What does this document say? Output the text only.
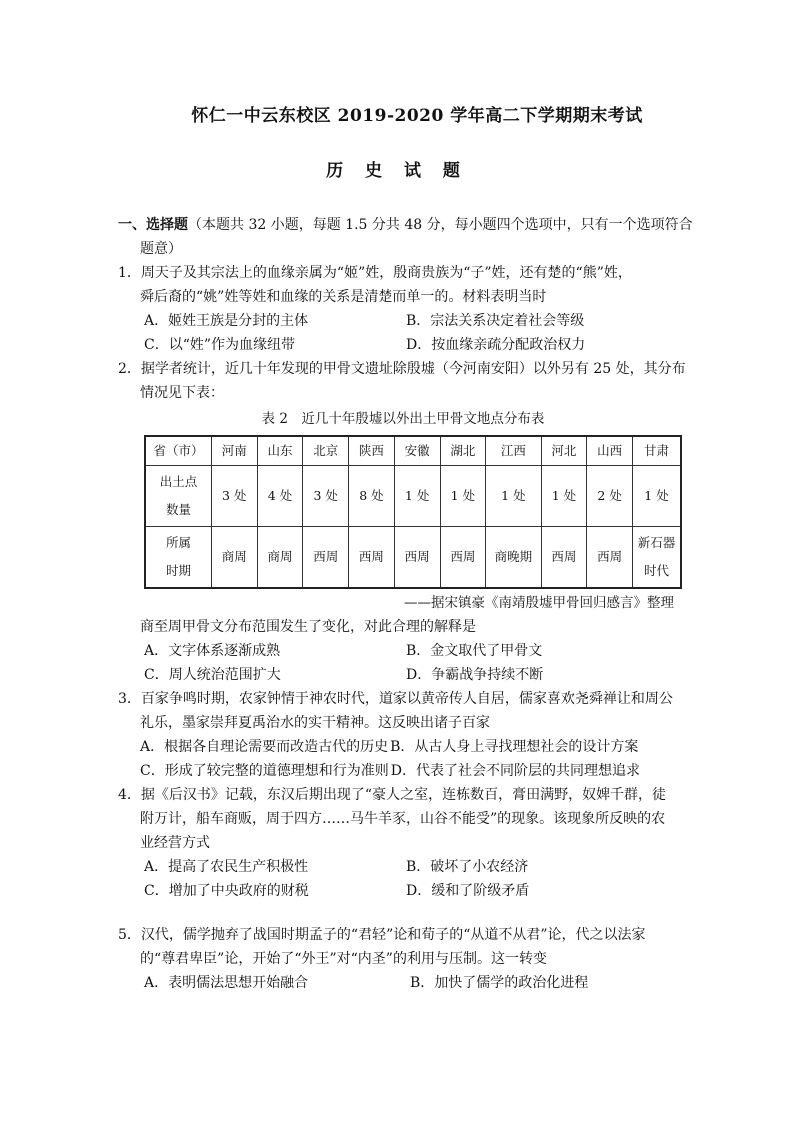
怀仁一中云东校区 2019-2020 学年高二下学期期末考试
历 史 试 题
一、选择题（本题共 32 小题，每题 1.5 分共 48 分，每小题四个选项中，只有一个选项符合
题意）
1．周天子及其宗法上的血缘亲属为“姬”姓，殷商贵族为“子”姓，还有楚的“熊”姓，
舜后裔的“姚”姓等姓和血缘的关系是清楚而单一的。材料表明当时
A．姬姓王族是分封的主体	B．宗法关系决定着社会等级
C．以“姓”作为血缘纽带	D．按血缘亲疏分配政治权力
2．据学者统计，近几十年发现的甲骨文遗址除殷墟（今河南安阳）以外另有 25 处，其分布
情况见下表：
表 2　近几十年殷墟以外出土甲骨文地点分布表
省（市）	河南	山东	北京	陕西	安徽	湖北	江西	河北	山西	甘肃
出土点
数量	3 处	4 处	3 处	8 处	1 处	1 处	1 处	1 处	2 处	1 处
所属
时期	商周	商周	西周	西周	西周	西周	商晚期	西周	西周	新石器时代
——据宋镇豪《南靖殷墟甲骨回归感言》整理
商至周甲骨文分布范围发生了变化，对此合理的解释是
A．文字体系逐渐成熟	B．金文取代了甲骨文
C．周人统治范围扩大	D．争霸战争持续不断
3．百家争鸣时期，农家钟情于神农时代，道家以黄帝传人自居，儒家喜欢尧舜禅让和周公
礼乐，墨家崇拜夏禹治水的实干精神。这反映出诸子百家
A．根据各自理论需要而改造古代的历史 B．从古人身上寻找理想社会的设计方案
C．形成了较完整的道德理想和行为准则 D．代表了社会不同阶层的共同理想追求
4．据《后汉书》记载，东汉后期出现了“豪人之室，连栋数百，膏田满野，奴婢千群，徒
附万计，船车商贩，周于四方……马牛羊豕，山谷不能受”的现象。该现象所反映的农
业经营方式
A．提高了农民生产积极性	B．破坏了小农经济
C．增加了中央政府的财税	D．缓和了阶级矛盾
5．汉代，儒学抛弃了战国时期孟子的“君轻”论和荀子的“从道不从君”论，代之以法家
的“尊君卑臣”论，开始了“外王”对“内圣”的利用与压制。这一转变
A．表明儒法思想开始融合	B．加快了儒学的政治化进程
